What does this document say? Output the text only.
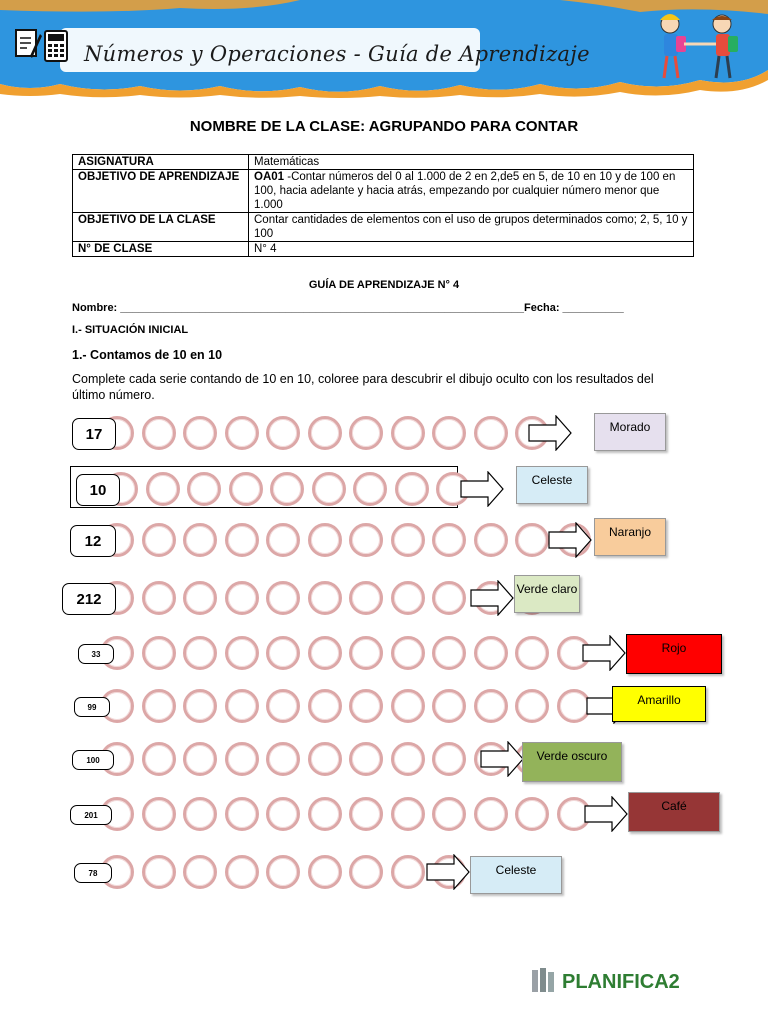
Números y Operaciones - Guía de Aprendizaje
NOMBRE DE LA CLASE: AGRUPANDO PARA CONTAR
ASIGNATURA	Matemáticas
OBJETIVO DE APRENDIZAJE	OA01 -Contar números del 0 al 1.000 de 2 en 2,de5 en 5, de 10 en 10 y de 100 en 100, hacia adelante y hacia atrás, empezando por cualquier número menor que 1.000
OBJETIVO DE LA CLASE	Contar cantidades de elementos con el uso de grupos determinados como; 2, 5, 10 y 100
N° DE CLASE	N° 4
GUÍA DE APRENDIZAJE N° 4
Nombre: __________________________________________________________________Fecha: __________
I.- SITUACIÓN INICIAL
1.- Contamos de 10 en 10
Complete cada serie contando de 10 en 10, coloree para descubrir el dibujo oculto con los resultados del último número.
17	Morado
10
Celeste
12
Naranjo
212
Verde claro
33	Rojo
99	Amarillo
100	Verde oscuro
201
Café
78	Celeste
PLANIFICA2
